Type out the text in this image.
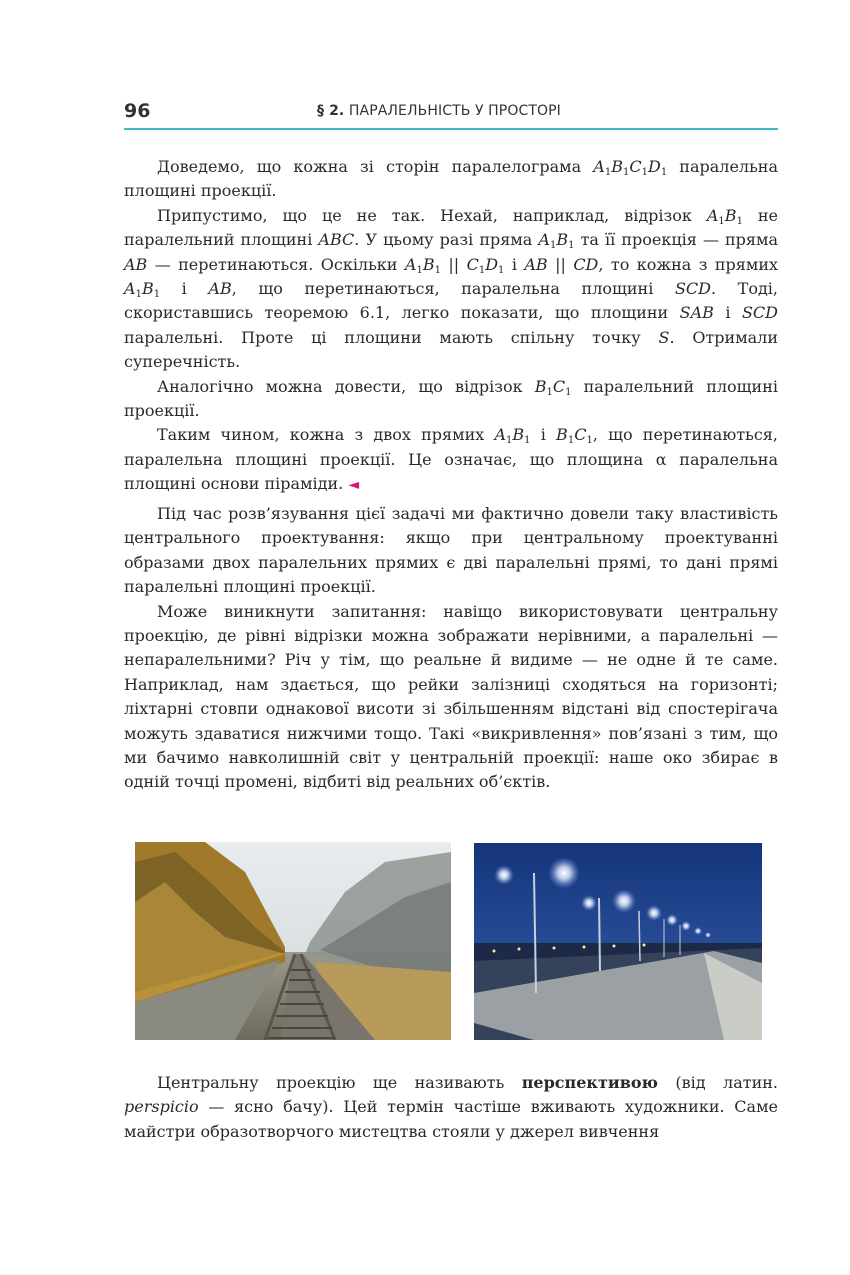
96	§ 2. ПАРАЛЕЛЬНІСТЬ У ПРОСТОРІ

Доведемо, що кожна зі сторін паралелограма $A_1B_1C_1D_1$ паралельна площині проекції.

Припустимо, що це не так. Нехай, наприклад, відрізок $A_1B_1$ не паралельний площині ABC. У цьому разі пряма $A_1B_1$ та її проекція — пряма AB — перетинаються. Оскільки $A_1B_1$ || $C_1D_1$ і AB || CD, то кожна з прямих $A_1B_1$ і AB, що перетинаються, паралельна площині SCD. Тоді, скориставшись теоремою 6.1, легко показати, що площини SAB і SCD паралельні. Проте ці площини мають спільну точку S. Отримали суперечність.

Аналогічно можна довести, що відрізок $B_1C_1$ паралельний площині проекції.

Таким чином, кожна з двох прямих $A_1B_1$ і $B_1C_1$, що перетинаються, паралельна площині проекції. Це означає, що площина α паралельна площині основи піраміди. ◄

Під час розв’язування цієї задачі ми фактично довели таку властивість центрального проектування: якщо при центральному проектуванні образами двох паралельних прямих є дві паралельні прямі, то дані прямі паралельні площині проекції.

Може виникнути запитання: навіщо використовувати центральну проекцію, де рівні відрізки можна зображати нерівними, а паралельні — непаралельними? Річ у тім, що реальне й видиме — не одне й те саме. Наприклад, нам здається, що рейки залізниці сходяться на горизонті; ліхтарні стовпи однакової висоти зі збільшенням відстані від спостерігача можуть здаватися нижчими тощо. Такі «викривлення» пов’язані з тим, що ми бачимо навколишній світ у центральній проекції: наше око збирає в одній точці промені, відбиті від реальних об’єктів.

Центральну проекцію ще називають перспективою (від латин. perspicio — ясно бачу). Цей термін частіше вживають художники. Саме майстри образотворчого мистецтва стояли у джерел вивчення
